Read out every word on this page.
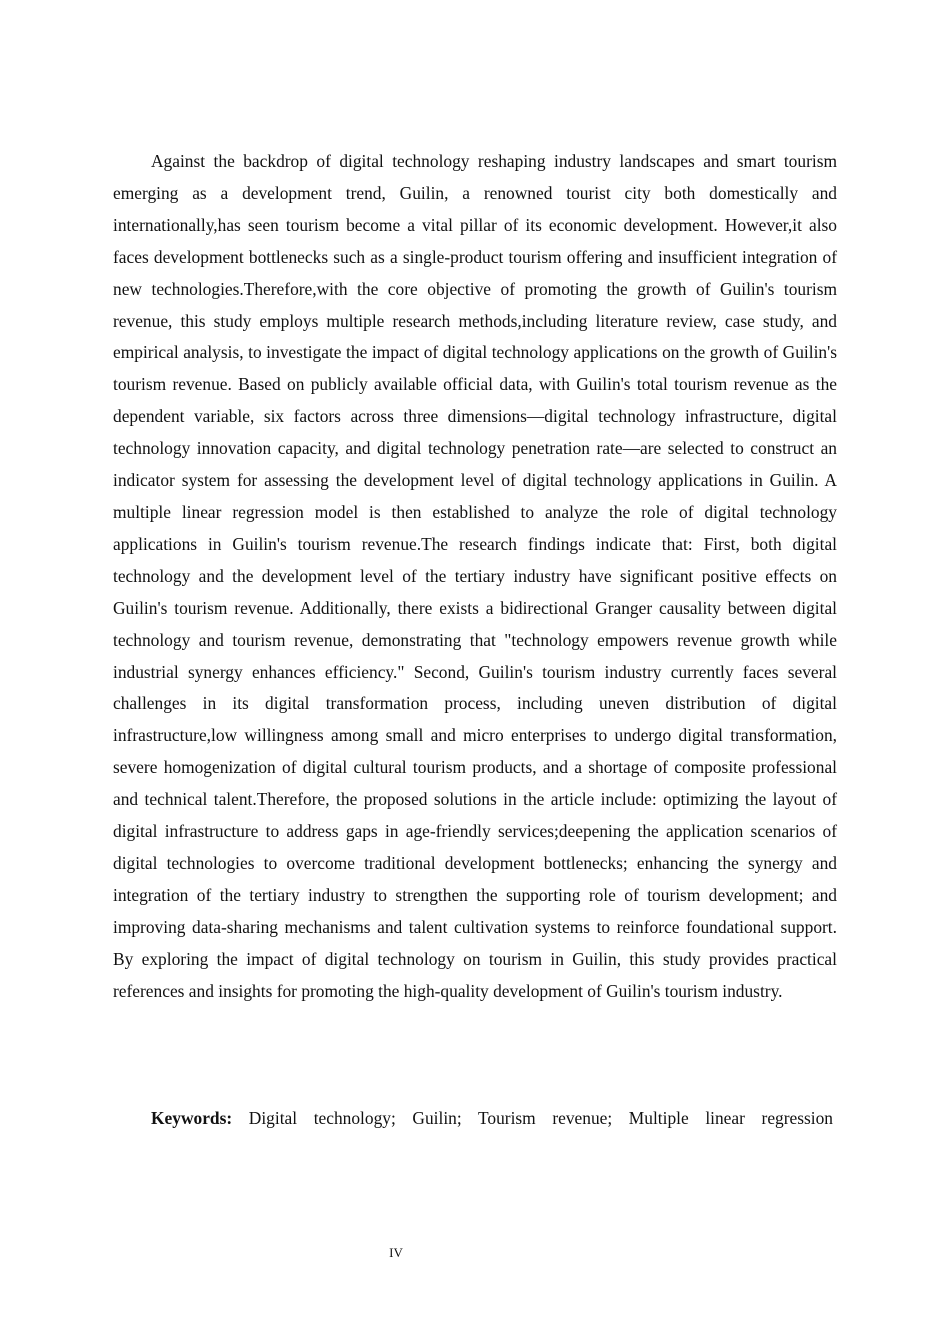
Against the backdrop of digital technology reshaping industry landscapes and smart tourism emerging as a development trend, Guilin, a renowned tourist city both domestically and internationally,has seen tourism become a vital pillar of its economic development. However,it also faces development bottlenecks such as a single-product tourism offering and insufficient integration of new technologies.Therefore,with the core objective of promoting the growth of Guilin's tourism revenue, this study employs multiple research methods,including literature review, case study, and empirical analysis, to investigate the impact of digital technology applications on the growth of Guilin's tourism revenue. Based on publicly available official data, with Guilin's total tourism revenue as the dependent variable, six factors across three dimensions—digital technology infrastructure, digital technology innovation capacity, and digital technology penetration rate—are selected to construct an indicator system for assessing the development level of digital technology applications in Guilin. A multiple linear regression model is then established to analyze the role of digital technology applications in Guilin's tourism revenue.The research findings indicate that: First, both digital technology and the development level of the tertiary industry have significant positive effects on Guilin's tourism revenue. Additionally, there exists a bidirectional Granger causality between digital technology and tourism revenue, demonstrating that "technology empowers revenue growth while industrial synergy enhances efficiency." Second, Guilin's tourism industry currently faces several challenges in its digital transformation process, including uneven distribution of digital infrastructure,low willingness among small and micro enterprises to undergo digital transformation, severe homogenization of digital cultural tourism products, and a shortage of composite professional and technical talent.Therefore, the proposed solutions in the article include: optimizing the layout of digital infrastructure to address gaps in age-friendly services;deepening the application scenarios of digital technologies to overcome traditional development bottlenecks; enhancing the synergy and integration of the tertiary industry to strengthen the supporting role of tourism development; and improving data-sharing mechanisms and talent cultivation systems to reinforce foundational support. By exploring the impact of digital technology on tourism in Guilin, this study provides practical references and insights for promoting the high-quality development of Guilin's tourism industry.

Keywords: Digital technology; Guilin; Tourism revenue; Multiple linear regression

IV
